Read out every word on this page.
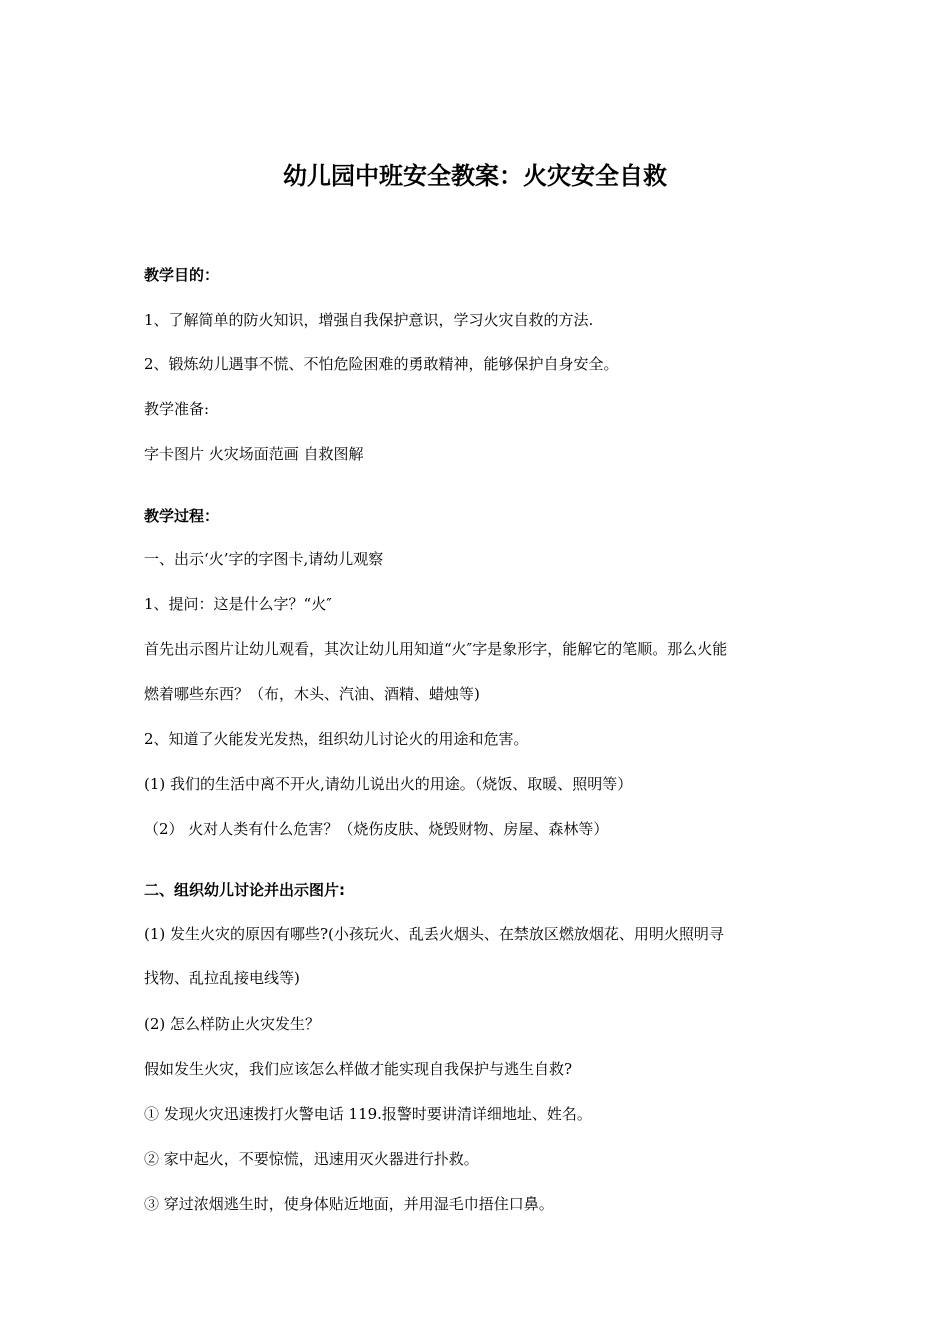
幼儿园中班安全教案：火灾安全自救
教学目的：
1、了解简单的防火知识，增强自我保护意识，学习火灾自救的方法.
2、锻炼幼儿遇事不慌、不怕危险困难的勇敢精神，能够保护自身安全。
教学准备:
字卡图片 火灾场面范画 自救图解
教学过程：
一、出示‘火’字的字图卡,请幼儿观察
1、提问：这是什么字？“火″
首先出示图片让幼儿观看，其次让幼儿用知道“火″字是象形字，能解它的笔顺。那么火能
燃着哪些东西？（布，木头、汽油、酒精、蜡烛等)
2、知道了火能发光发热，组织幼儿讨论火的用途和危害。
(1) 我们的生活中离不开火,请幼儿说出火的用途。（烧饭、取暖、照明等）
（2） 火对人类有什么危害？（烧伤皮肤、烧毁财物、房屋、森林等）
二、组织幼儿讨论并出示图片:
(1) 发生火灾的原因有哪些?(小孩玩火、乱丢火烟头、在禁放区燃放烟花、用明火照明寻
找物、乱拉乱接电线等)
(2) 怎么样防止火灾发生？
假如发生火灾，我们应该怎么样做才能实现自我保护与逃生自救?
① 发现火灾迅速拨打火警电话 119.报警时要讲清详细地址、姓名。
② 家中起火，不要惊慌，迅速用灭火器进行扑救。
③ 穿过浓烟逃生时，使身体贴近地面，并用湿毛巾捂住口鼻。
